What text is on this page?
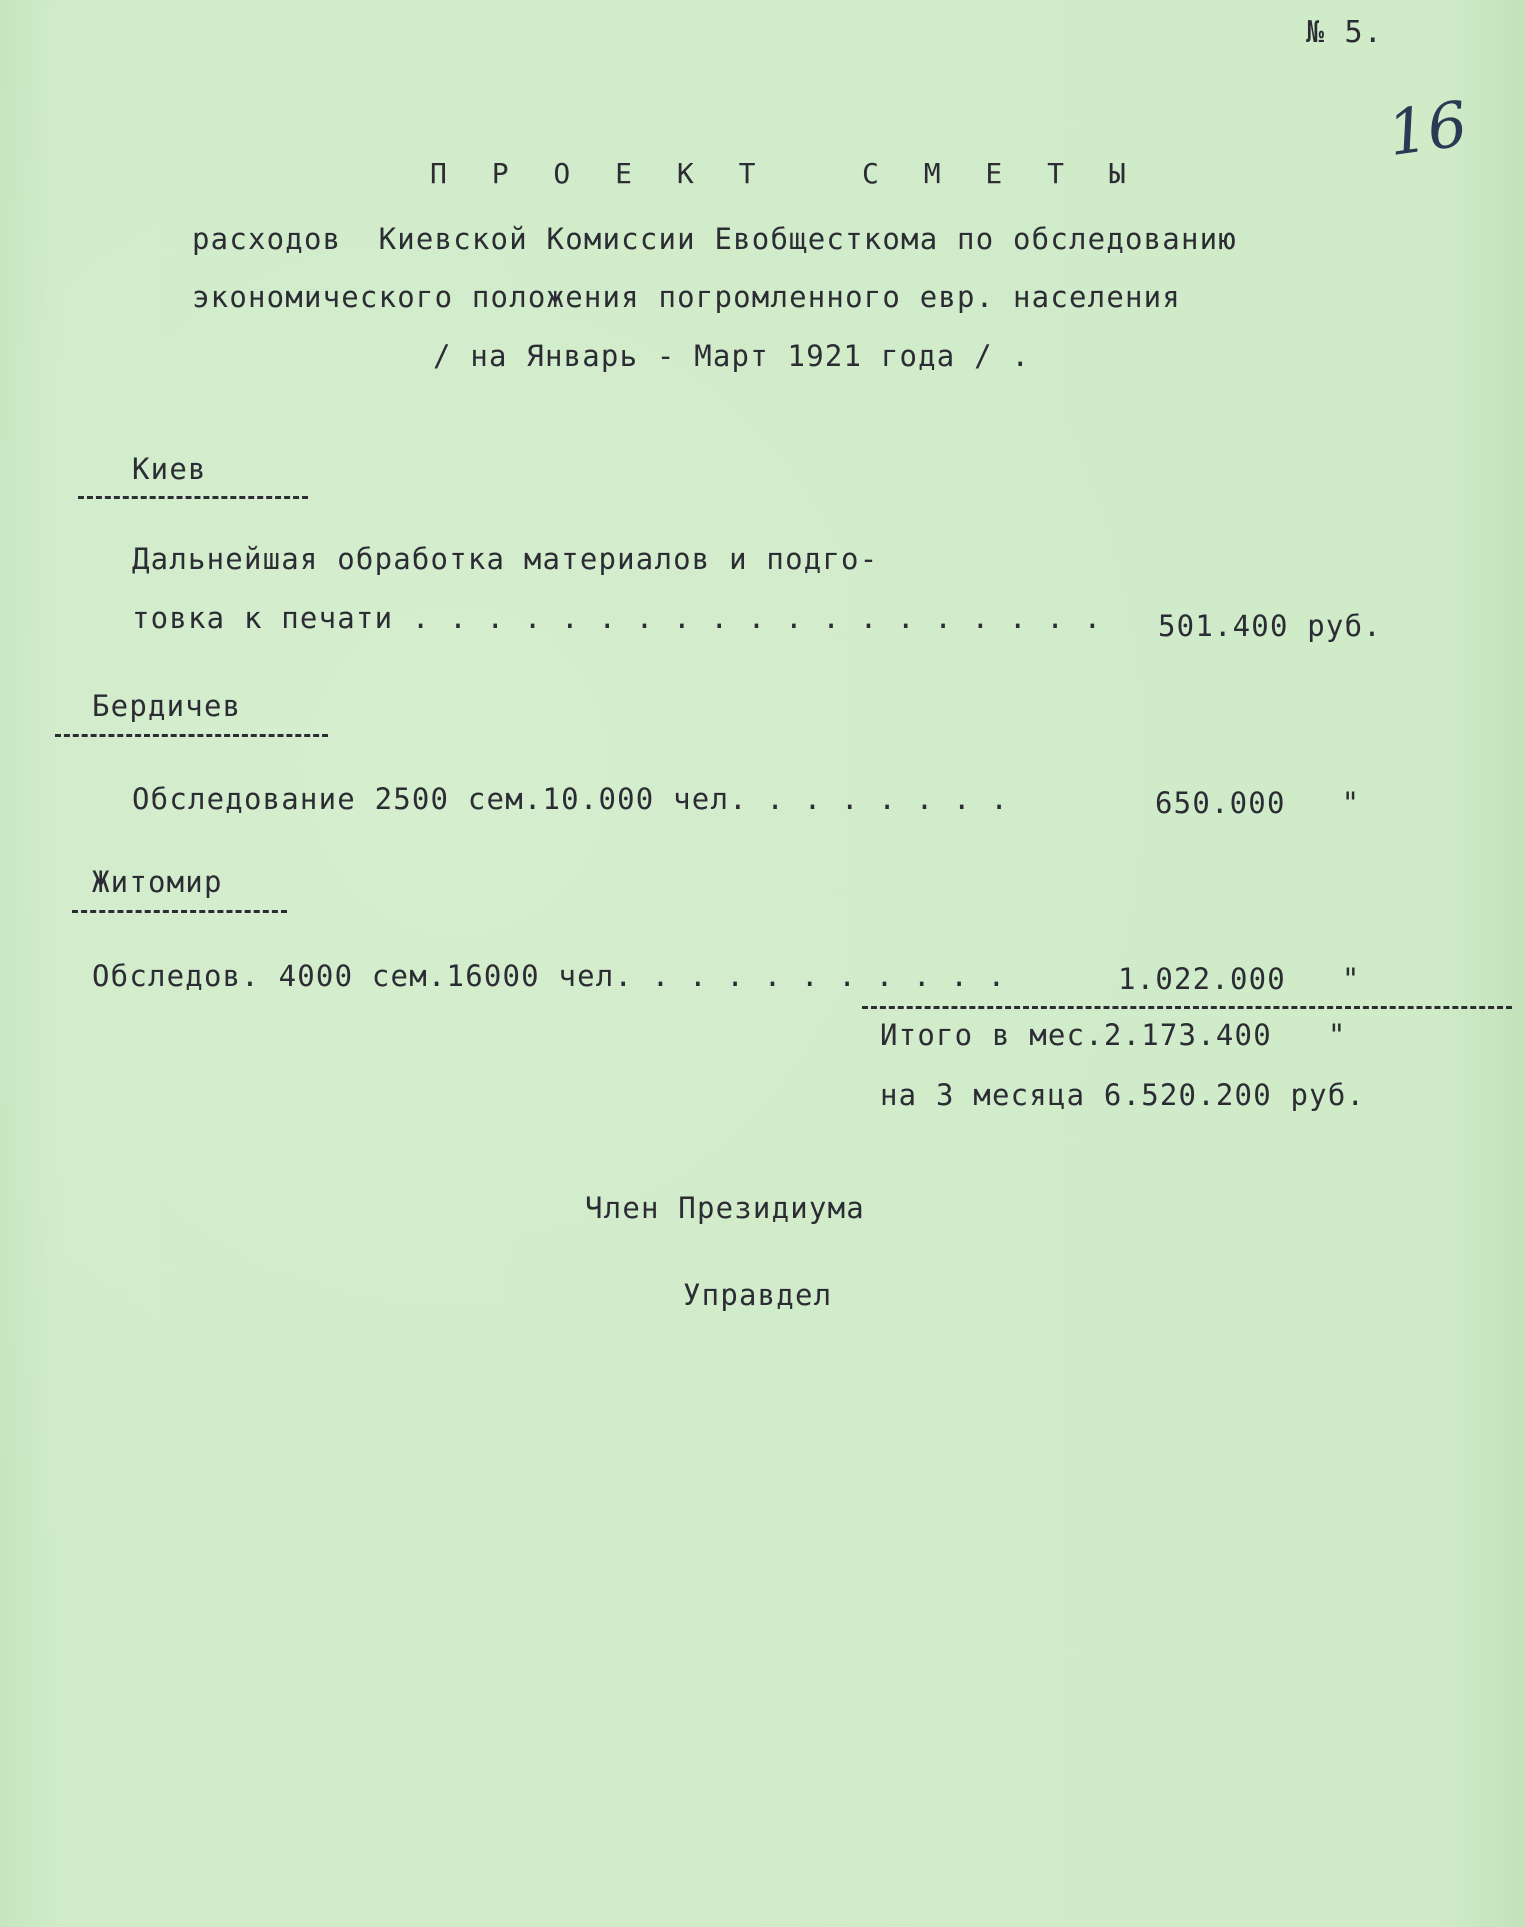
№ 5.
16
П Р О Е К Т   С М Е Т Ы
расходов  Киевской Комиссии Евобщесткома по обследованию
экономического положения погромленного евр. населения
/ на Январь - Март 1921 года / .
Киев
Дальнейшая обработка материалов и подго-
товка к печати . . . . . . . . . . . . . . . . . . . 501.400 руб.
Бердичев
Обследование 2500 сем.10.000 чел. . . . . . . .	650.000   "
Житомир
Обследов. 4000 сем.16000 чел. . . . . . . . . . .	1.022.000   "
Итого в мес.2.173.400   "
на 3 месяца 6.520.200 руб.
Член Президиума
Управдел
